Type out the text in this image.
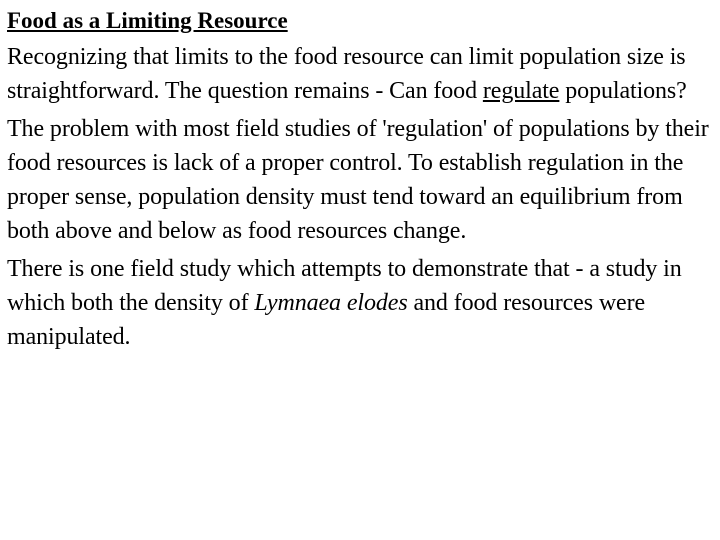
Food as a Limiting Resource

Recognizing that limits to the food resource can limit population size is straightforward. The question remains - Can food regulate populations?

The problem with most field studies of 'regulation' of populations by their food resources is lack of a proper control. To establish regulation in the proper sense, population density must tend toward an equilibrium from both above and below as food resources change.

There is one field study which attempts to demonstrate that - a study in which both the density of Lymnaea elodes and food resources were manipulated.
